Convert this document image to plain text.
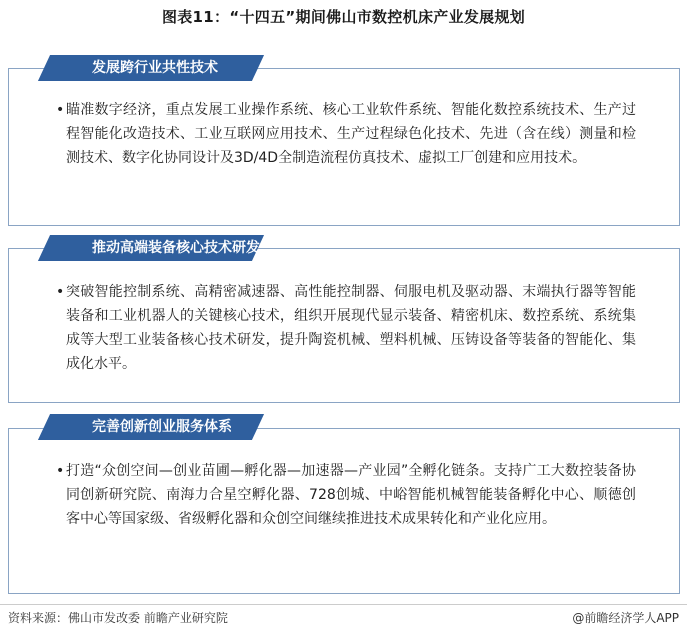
图表11：“十四五”期间佛山市数控机床产业发展规划
发展跨行业共性技术

• 瞄准数字经济，重点发展工业操作系统、核心工业软件系统、智能化数控系统技术、生产过程智能化改造技术、工业互联网应用技术、生产过程绿色化技术、先进（含在线）测量和检测技术、数字化协同设计及3D/4D全制造流程仿真技术、虚拟工厂创建和应用技术。

推动高端装备核心技术研发

• 突破智能控制系统、高精密减速器、高性能控制器、伺服电机及驱动器、末端执行器等智能装备和工业机器人的关键核心技术，组织开展现代显示装备、精密机床、数控系统、系统集成等大型工业装备核心技术研发，提升陶瓷机械、塑料机械、压铸设备等装备的智能化、集成化水平。

完善创新创业服务体系

• 打造“众创空间—创业苗圃—孵化器—加速器—产业园”全孵化链条。支持广工大数控装备协同创新研究院、南海力合星空孵化器、728创城、中峪智能机械智能装备孵化中心、顺德创客中心等国家级、省级孵化器和众创空间继续推进技术成果转化和产业化应用。

资料来源：佛山市发改委 前瞻产业研究院	@前瞻经济学人APP
